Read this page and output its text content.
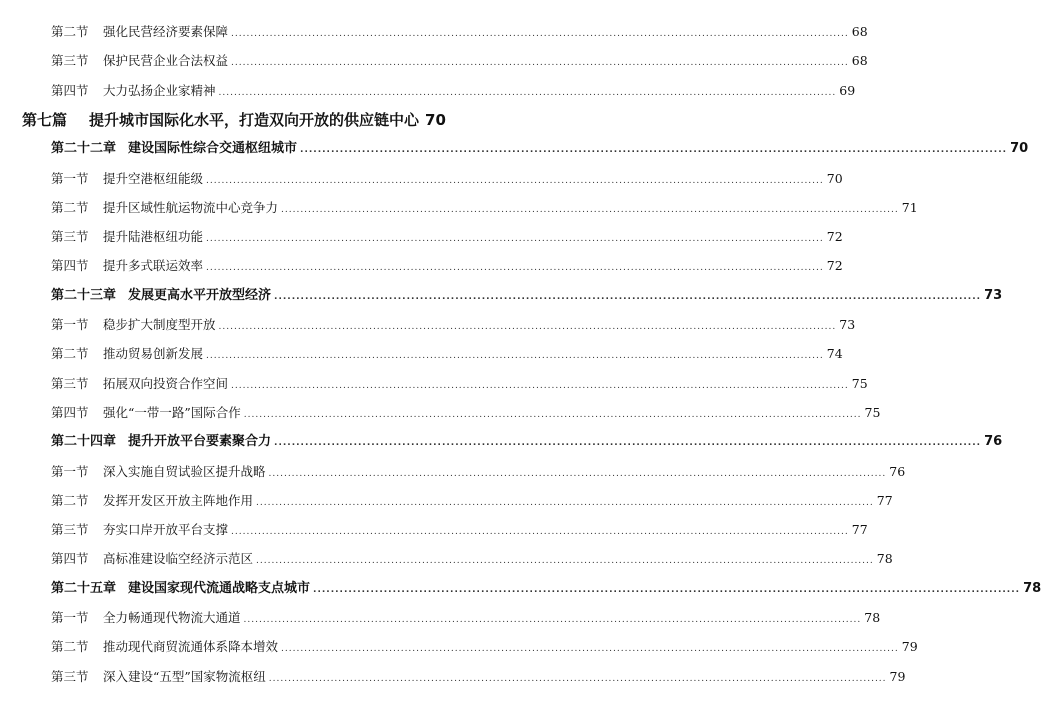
第二节 强化民营经济要素保障 ................................................................................................................................................................ 68
第三节 保护民营企业合法权益 ................................................................................................................................................................ 68
第四节 大力弘扬企业家精神 ................................................................................................................................................................ 69
第七篇 提升城市国际化水平，打造双向开放的供应链中心 70
第二十二章 建设国际性综合交通枢纽城市 ................................................................................................................................................................ 70
第一节 提升空港枢纽能级 ................................................................................................................................................................ 70
第二节 提升区域性航运物流中心竞争力 ................................................................................................................................................................ 71
第三节 提升陆港枢纽功能 ................................................................................................................................................................ 72
第四节 提升多式联运效率 ................................................................................................................................................................ 72
第二十三章 发展更高水平开放型经济 ................................................................................................................................................................ 73
第一节 稳步扩大制度型开放 ................................................................................................................................................................ 73
第二节 推动贸易创新发展 ................................................................................................................................................................ 74
第三节 拓展双向投资合作空间 ................................................................................................................................................................ 75
第四节 强化“一带一路”国际合作 ................................................................................................................................................................ 75
第二十四章 提升开放平台要素聚合力 ................................................................................................................................................................ 76
第一节 深入实施自贸试验区提升战略 ................................................................................................................................................................ 76
第二节 发挥开发区开放主阵地作用 ................................................................................................................................................................ 77
第三节 夯实口岸开放平台支撑 ................................................................................................................................................................ 77
第四节 高标准建设临空经济示范区 ................................................................................................................................................................ 78
第二十五章 建设国家现代流通战略支点城市 ................................................................................................................................................................ 78
第一节 全力畅通现代物流大通道 ................................................................................................................................................................ 78
第二节 推动现代商贸流通体系降本增效 ................................................................................................................................................................ 79
第三节 深入建设“五型”国家物流枢纽 ................................................................................................................................................................ 79
